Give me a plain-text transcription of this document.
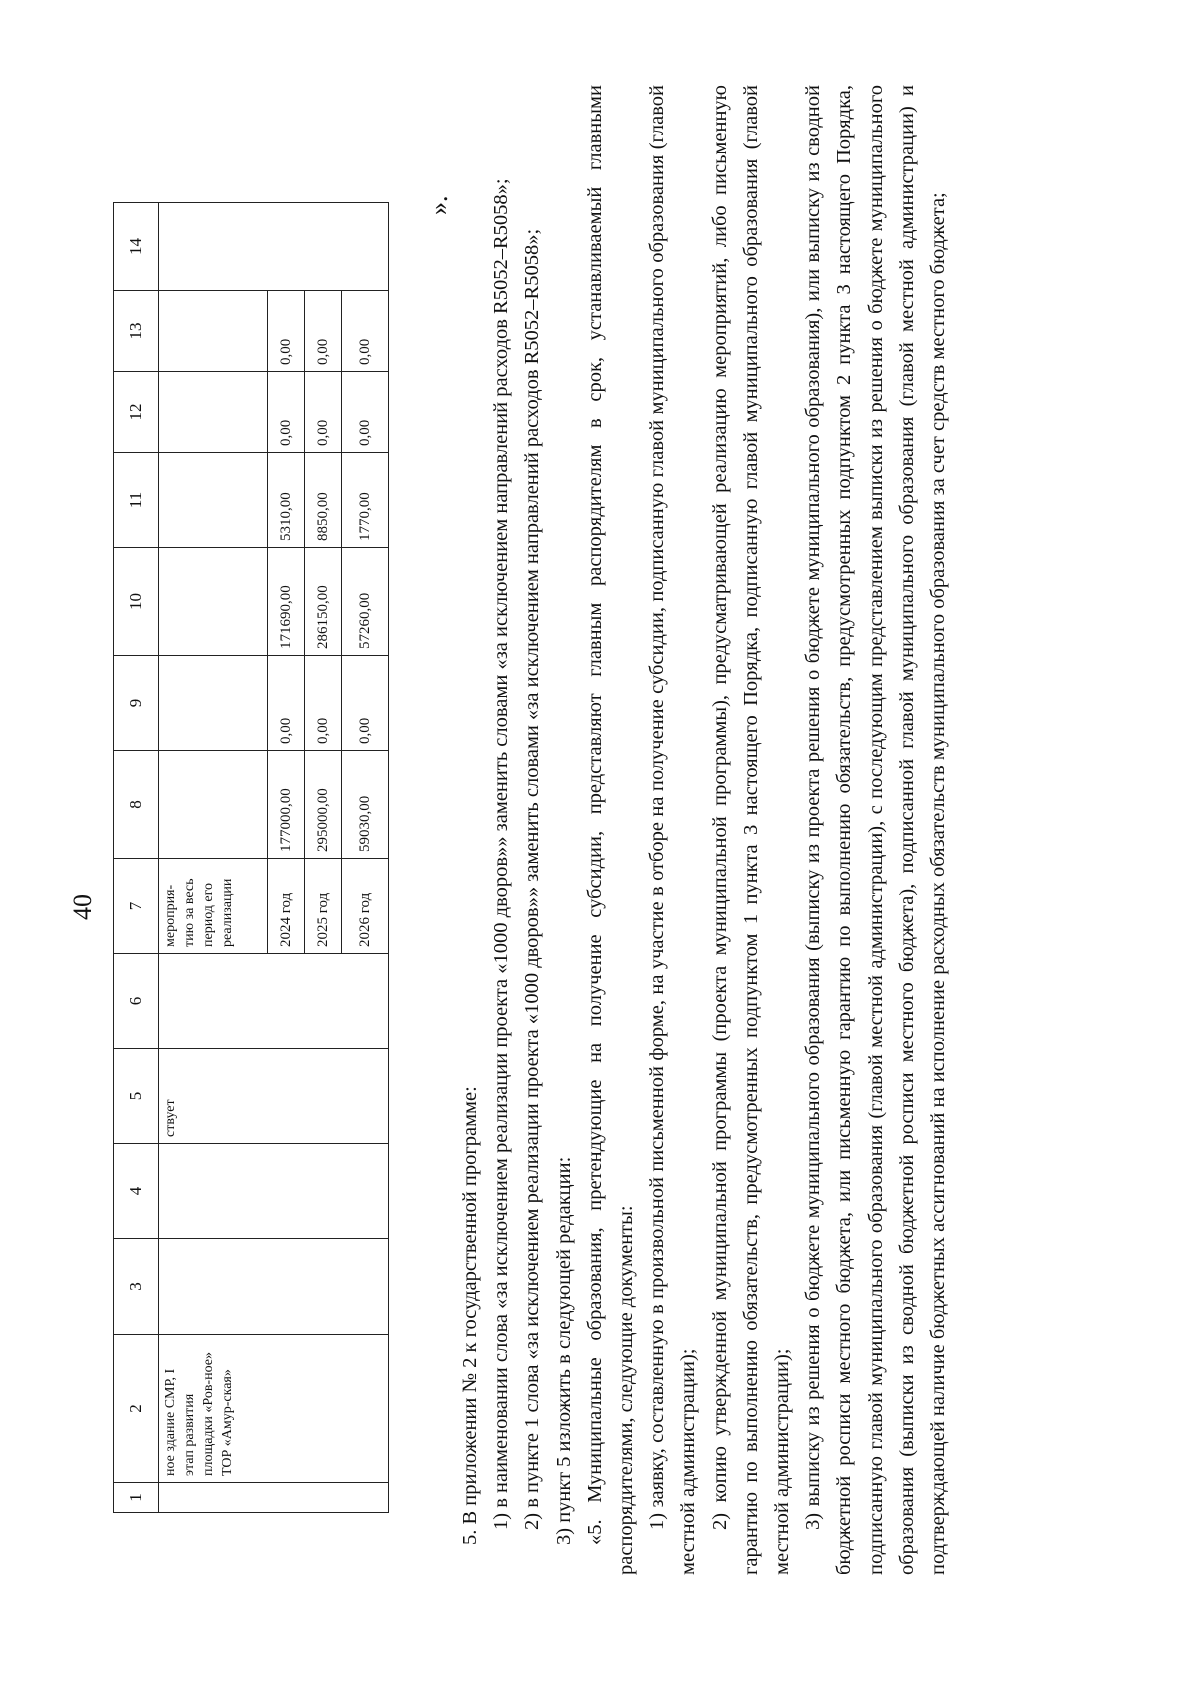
40
1	2	3	4	5	6	7	8	9	10	11	12	13	14
	ное здание СМР, I этап развития площадки «Ров-ное» ТОР «Амур-ская»			ствует		мероприя-тию за весь период его реализации							
						2024 год	177000,00	0,00	171690,00	5310,00	0,00	0,00	
						2025 год	295000,00	0,00	286150,00	8850,00	0,00	0,00	
						2026 год	59030,00	0,00	57260,00	1770,00	0,00	0,00	
».

5. В приложении № 2 к государственной программе: 1) в наименовании слова «за исключением реализации проекта «1000 дворов»» заменить словами «за исключением направлений расходов R5052–R5058»; 2) в пункте 1 слова «за исключением реализации проекта «1000 дворов»» заменить словами «за исключением направлений расходов R5052–R5058»; 3) пункт 5 изложить в следующей редакции: «5. Муниципальные образования, претендующие на получение субсидии, представляют главным распорядителям в срок, устанавливаемый главными распорядителями, следующие документы: 1) заявку, составленную в произвольной письменной форме, на участие в отборе на получение субсидии, подписанную главой муниципального образования (главой местной администрации); 2) копию утвержденной муниципальной программы (проекта муниципальной программы), предусматривающей реализацию мероприятий, либо письменную гарантию по выполнению обязательств, предусмотренных подпунктом 1 пункта 3 настоящего Порядка, подписанную главой муниципального образования (главой местной администрации); 3) выписку из решения о бюджете муниципального образования (выписку из проекта решения о бюджете муниципального образования), или выписку из сводной бюджетной росписи местного бюджета, или письменную гарантию по выполнению обязательств, предусмотренных подпунктом 2 пункта 3 настоящего Порядка, подписанную главой муниципального образования (главой местной администрации), с последующим представлением выписки из решения о бюджете муниципального образования (выписки из сводной бюджетной росписи местного бюджета), подписанной главой муниципального образования (главой местной администрации) и подтверждающей наличие бюджетных ассигнований на исполнение расходных обязательств муниципального образования за счет средств местного бюджета;
